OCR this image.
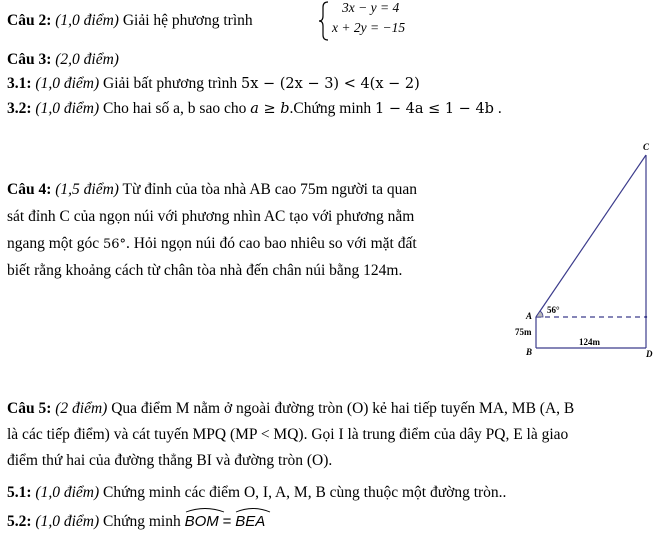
Câu 2: (1,0 điểm) Giải hệ phương trình
3x − y = 4
x + 2y = −15
Câu 3: (2,0 điểm)
3.1: (1,0 điểm) Giải bất phương trình 5x − (2x − 3) < 4(x − 2)
3.2: (1,0 điểm) Cho hai số a, b sao cho a ≥ b.Chứng minh 1 − 4a ≤ 1 − 4b .
Câu 4: (1,5 điểm) Từ đỉnh của tòa nhà AB cao 75m người ta quan
sát đỉnh C của ngọn núi với phương nhìn AC tạo với phương nằm
ngang một góc 56°. Hỏi ngọn núi đó cao bao nhiêu so với mặt đất
biết rằng khoảng cách từ chân tòa nhà đến chân núi bằng 124m.
C
A
B	D
56°
75m
124m
Câu 5: (2 điểm) Qua điểm M nằm ở ngoài đường tròn (O) kẻ hai tiếp tuyến MA, MB (A, B
là các tiếp điểm) và cát tuyến MPQ (MP < MQ). Gọi I là trung điểm của dây PQ, E là giao
điểm thứ hai của đường thẳng BI và đường tròn (O).
5.1: (1,0 điểm) Chứng minh các điểm O, I, A, M, B cùng thuộc một đường tròn..
5.2: (1,0 điểm) Chứng minh BOM = BEA
